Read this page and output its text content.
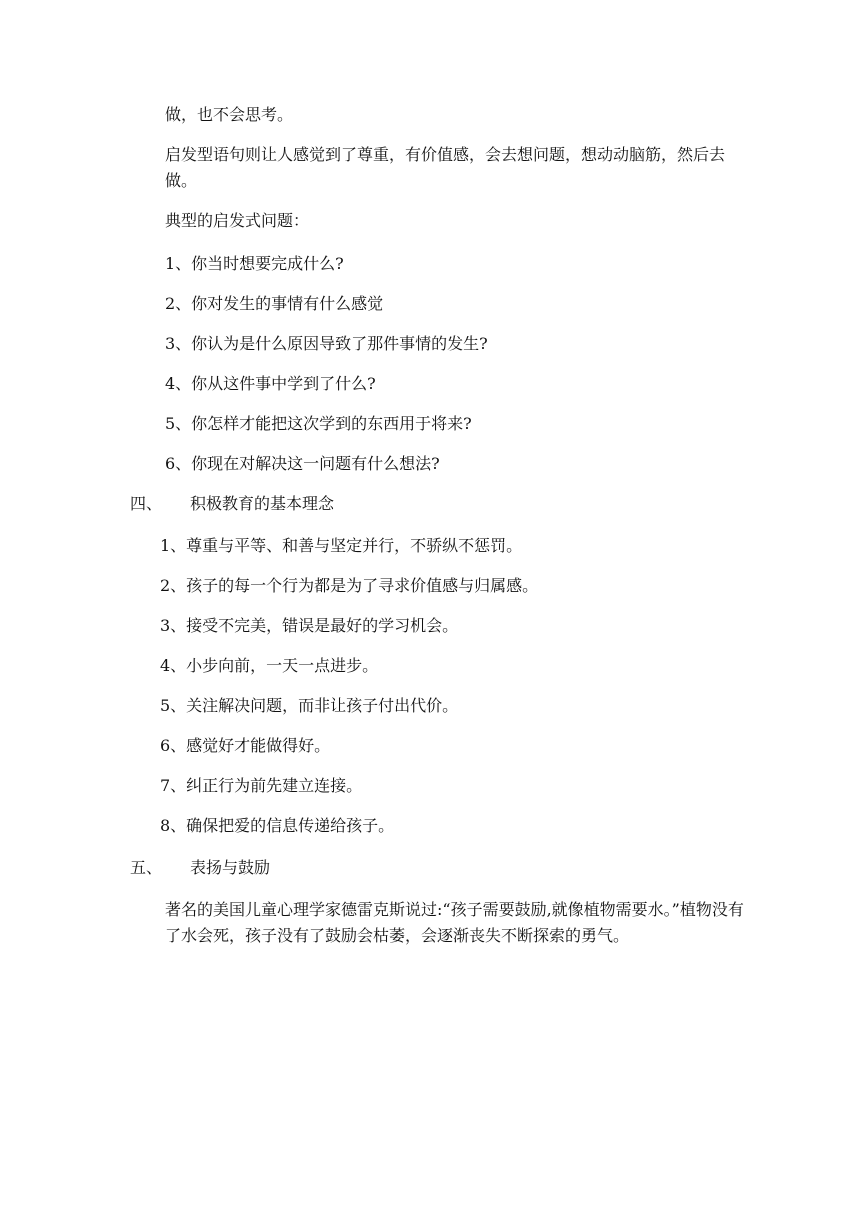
做，也不会思考。
启发型语句则让人感觉到了尊重，有价值感，会去想问题，想动动脑筋，然后去做。
典型的启发式问题：
1、你当时想要完成什么?
2、你对发生的事情有什么感觉
3、你认为是什么原因导致了那件事情的发生?
4、你从这件事中学到了什么?
5、你怎样才能把这次学到的东西用于将来?
6、你现在对解决这一问题有什么想法?
四、 积极教育的基本理念
1、尊重与平等、和善与坚定并行，不骄纵不惩罚。
2、孩子的每一个行为都是为了寻求价值感与归属感。
3、接受不完美，错误是最好的学习机会。
4、小步向前，一天一点进步。
5、关注解决问题，而非让孩子付出代价。
6、感觉好才能做得好。
7、纠正行为前先建立连接。
8、确保把爱的信息传递给孩子。
五、 表扬与鼓励
著名的美国儿童心理学家德雷克斯说过:“孩子需要鼓励,就像植物需要水。”植物没有了水会死，孩子没有了鼓励会枯萎，会逐渐丧失不断探索的勇气。
